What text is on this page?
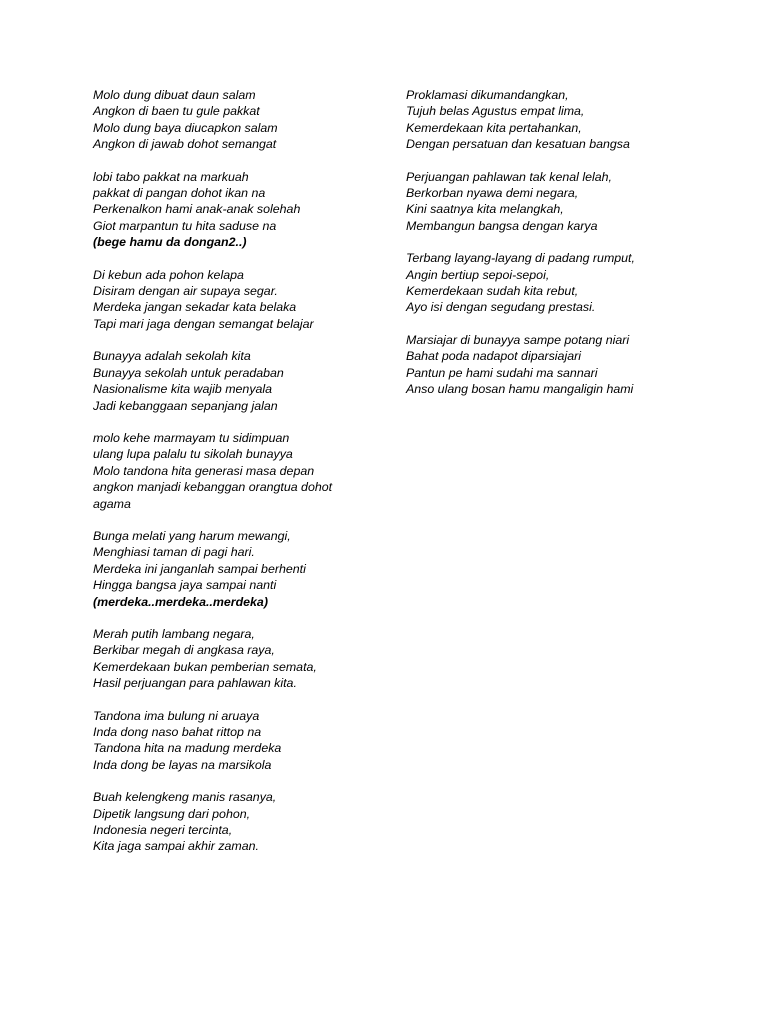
Molo dung dibuat daun salam
Angkon di baen tu gule pakkat
Molo dung baya diucapkon salam
Angkon di jawab dohot semangat
lobi tabo pakkat na markuah
pakkat di pangan dohot ikan na
Perkenalkon hami anak-anak solehah
Giot marpantun tu hita saduse na
(bege hamu da dongan2..)
Di kebun ada pohon kelapa
Disiram dengan air supaya segar.
Merdeka jangan sekadar kata belaka
Tapi mari jaga dengan semangat belajar
Bunayya adalah sekolah kita
Bunayya sekolah untuk peradaban
Nasionalisme kita wajib menyala
Jadi kebanggaan sepanjang jalan
molo kehe marmayam tu sidimpuan
ulang lupa palalu tu sikolah bunayya
Molo tandona hita generasi masa depan
angkon manjadi kebanggan orangtua dohot
agama
Bunga melati yang harum mewangi,
Menghiasi taman di pagi hari.
Merdeka ini janganlah sampai berhenti
Hingga bangsa jaya sampai nanti
(merdeka..merdeka..merdeka)
Merah putih lambang negara,
Berkibar megah di angkasa raya,
Kemerdekaan bukan pemberian semata,
Hasil perjuangan para pahlawan kita.
Tandona ima bulung ni aruaya
Inda dong naso bahat rittop na
Tandona hita na madung merdeka
Inda dong be layas na marsikola
Buah kelengkeng manis rasanya,
Dipetik langsung dari pohon,
Indonesia negeri tercinta,
Kita jaga sampai akhir zaman.
Proklamasi dikumandangkan,
Tujuh belas Agustus empat lima,
Kemerdekaan kita pertahankan,
Dengan persatuan dan kesatuan bangsa
Perjuangan pahlawan tak kenal lelah,
Berkorban nyawa demi negara,
Kini saatnya kita melangkah,
Membangun bangsa dengan karya
Terbang layang-layang di padang rumput,
Angin bertiup sepoi-sepoi,
Kemerdekaan sudah kita rebut,
Ayo isi dengan segudang prestasi.
Marsiajar di bunayya sampe potang niari
Bahat poda nadapot diparsiajari
Pantun pe hami sudahi ma sannari
Anso ulang bosan hamu mangaligin hami
